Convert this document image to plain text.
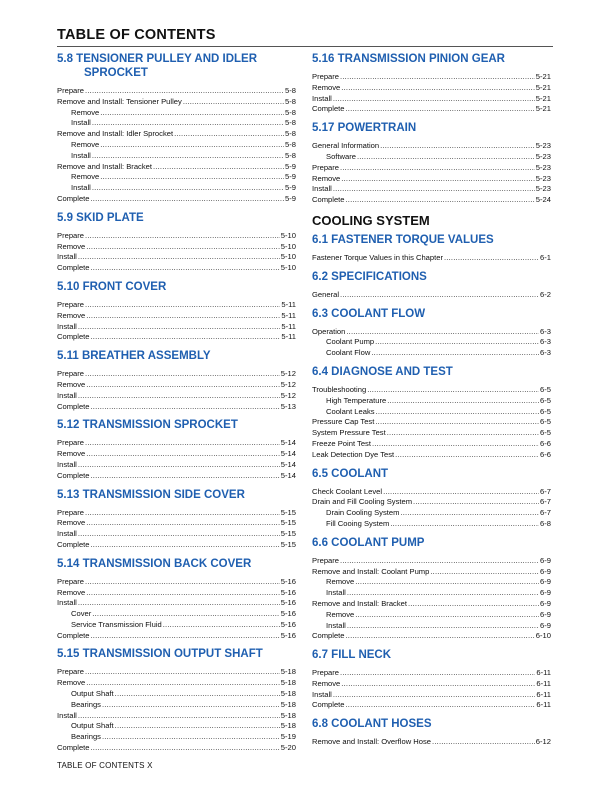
TABLE OF CONTENTS
5.8 TENSIONER PULLEY AND IDLER
SPROCKET
Prepare .....	5-8
Remove and Install: Tensioner Pulley .....	5-8
Remove .....	5-8
Install .....	5-8
Remove and Install: Idler Sprocket .....	5-8
Remove .....	5-8
Install .....	5-8
Remove and Install: Bracket .....	5-9
Remove .....	5-9
Install .....	5-9
Complete .....	5-9
5.9 SKID PLATE
Prepare .....	5-10
Remove .....	5-10
Install .....	5-10
Complete .....	5-10
5.10 FRONT COVER
Prepare .....	5-11
Remove .....	5-11
Install .....	5-11
Complete .....	5-11
5.11 BREATHER ASSEMBLY
Prepare .....	5-12
Remove .....	5-12
Install .....	5-12
Complete .....	5-13
5.12 TRANSMISSION SPROCKET
Prepare .....	5-14
Remove .....	5-14
Install .....	5-14
Complete .....	5-14
5.13 TRANSMISSION SIDE COVER
Prepare .....	5-15
Remove .....	5-15
Install .....	5-15
Complete .....	5-15
5.14 TRANSMISSION BACK COVER
Prepare .....	5-16
Remove .....	5-16
Install .....	5-16
Cover .....	5-16
Service Transmission Fluid .....	5-16
Complete .....	5-16
5.15 TRANSMISSION OUTPUT SHAFT
Prepare .....	5-18
Remove .....	5-18
Output Shaft .....	5-18
Bearings .....	5-18
Install .....	5-18
Output Shaft .....	5-18
Bearings .....	5-19
Complete .....	5-20
5.16 TRANSMISSION PINION GEAR
Prepare .....	5-21
Remove .....	5-21
Install .....	5-21
Complete .....	5-21
5.17 POWERTRAIN
General Information .....	5-23
Software .....	5-23
Prepare .....	5-23
Remove .....	5-23
Install .....	5-23
Complete .....	5-24
COOLING SYSTEM
6.1 FASTENER TORQUE VALUES
Fastener Torque Values in this Chapter .....	6-1
6.2 SPECIFICATIONS
General .....	6-2
6.3 COOLANT FLOW
Operation .....	6-3
Coolant Pump .....	6-3
Coolant Flow .....	6-3
6.4 DIAGNOSE AND TEST
Troubleshooting .....	6-5
High Temperature .....	6-5
Coolant Leaks .....	6-5
Pressure Cap Test .....	6-5
System Pressure Test .....	6-5
Freeze Point Test .....	6-6
Leak Detection Dye Test .....	6-6
6.5 COOLANT
Check Coolant Level .....	6-7
Drain and Fill Cooling System .....	6-7
Drain Cooling System .....	6-7
Fill Cooing System .....	6-8
6.6 COOLANT PUMP
Prepare .....	6-9
Remove and Install: Coolant Pump .....	6-9
Remove .....	6-9
Install .....	6-9
Remove and Install: Bracket .....	6-9
Remove .....	6-9
Install .....	6-9
Complete .....	6-10
6.7 FILL NECK
Prepare .....	6-11
Remove .....	6-11
Install .....	6-11
Complete .....	6-11
6.8 COOLANT HOSES
Remove and Install: Overflow Hose .....	6-12
TABLE OF CONTENTS X
